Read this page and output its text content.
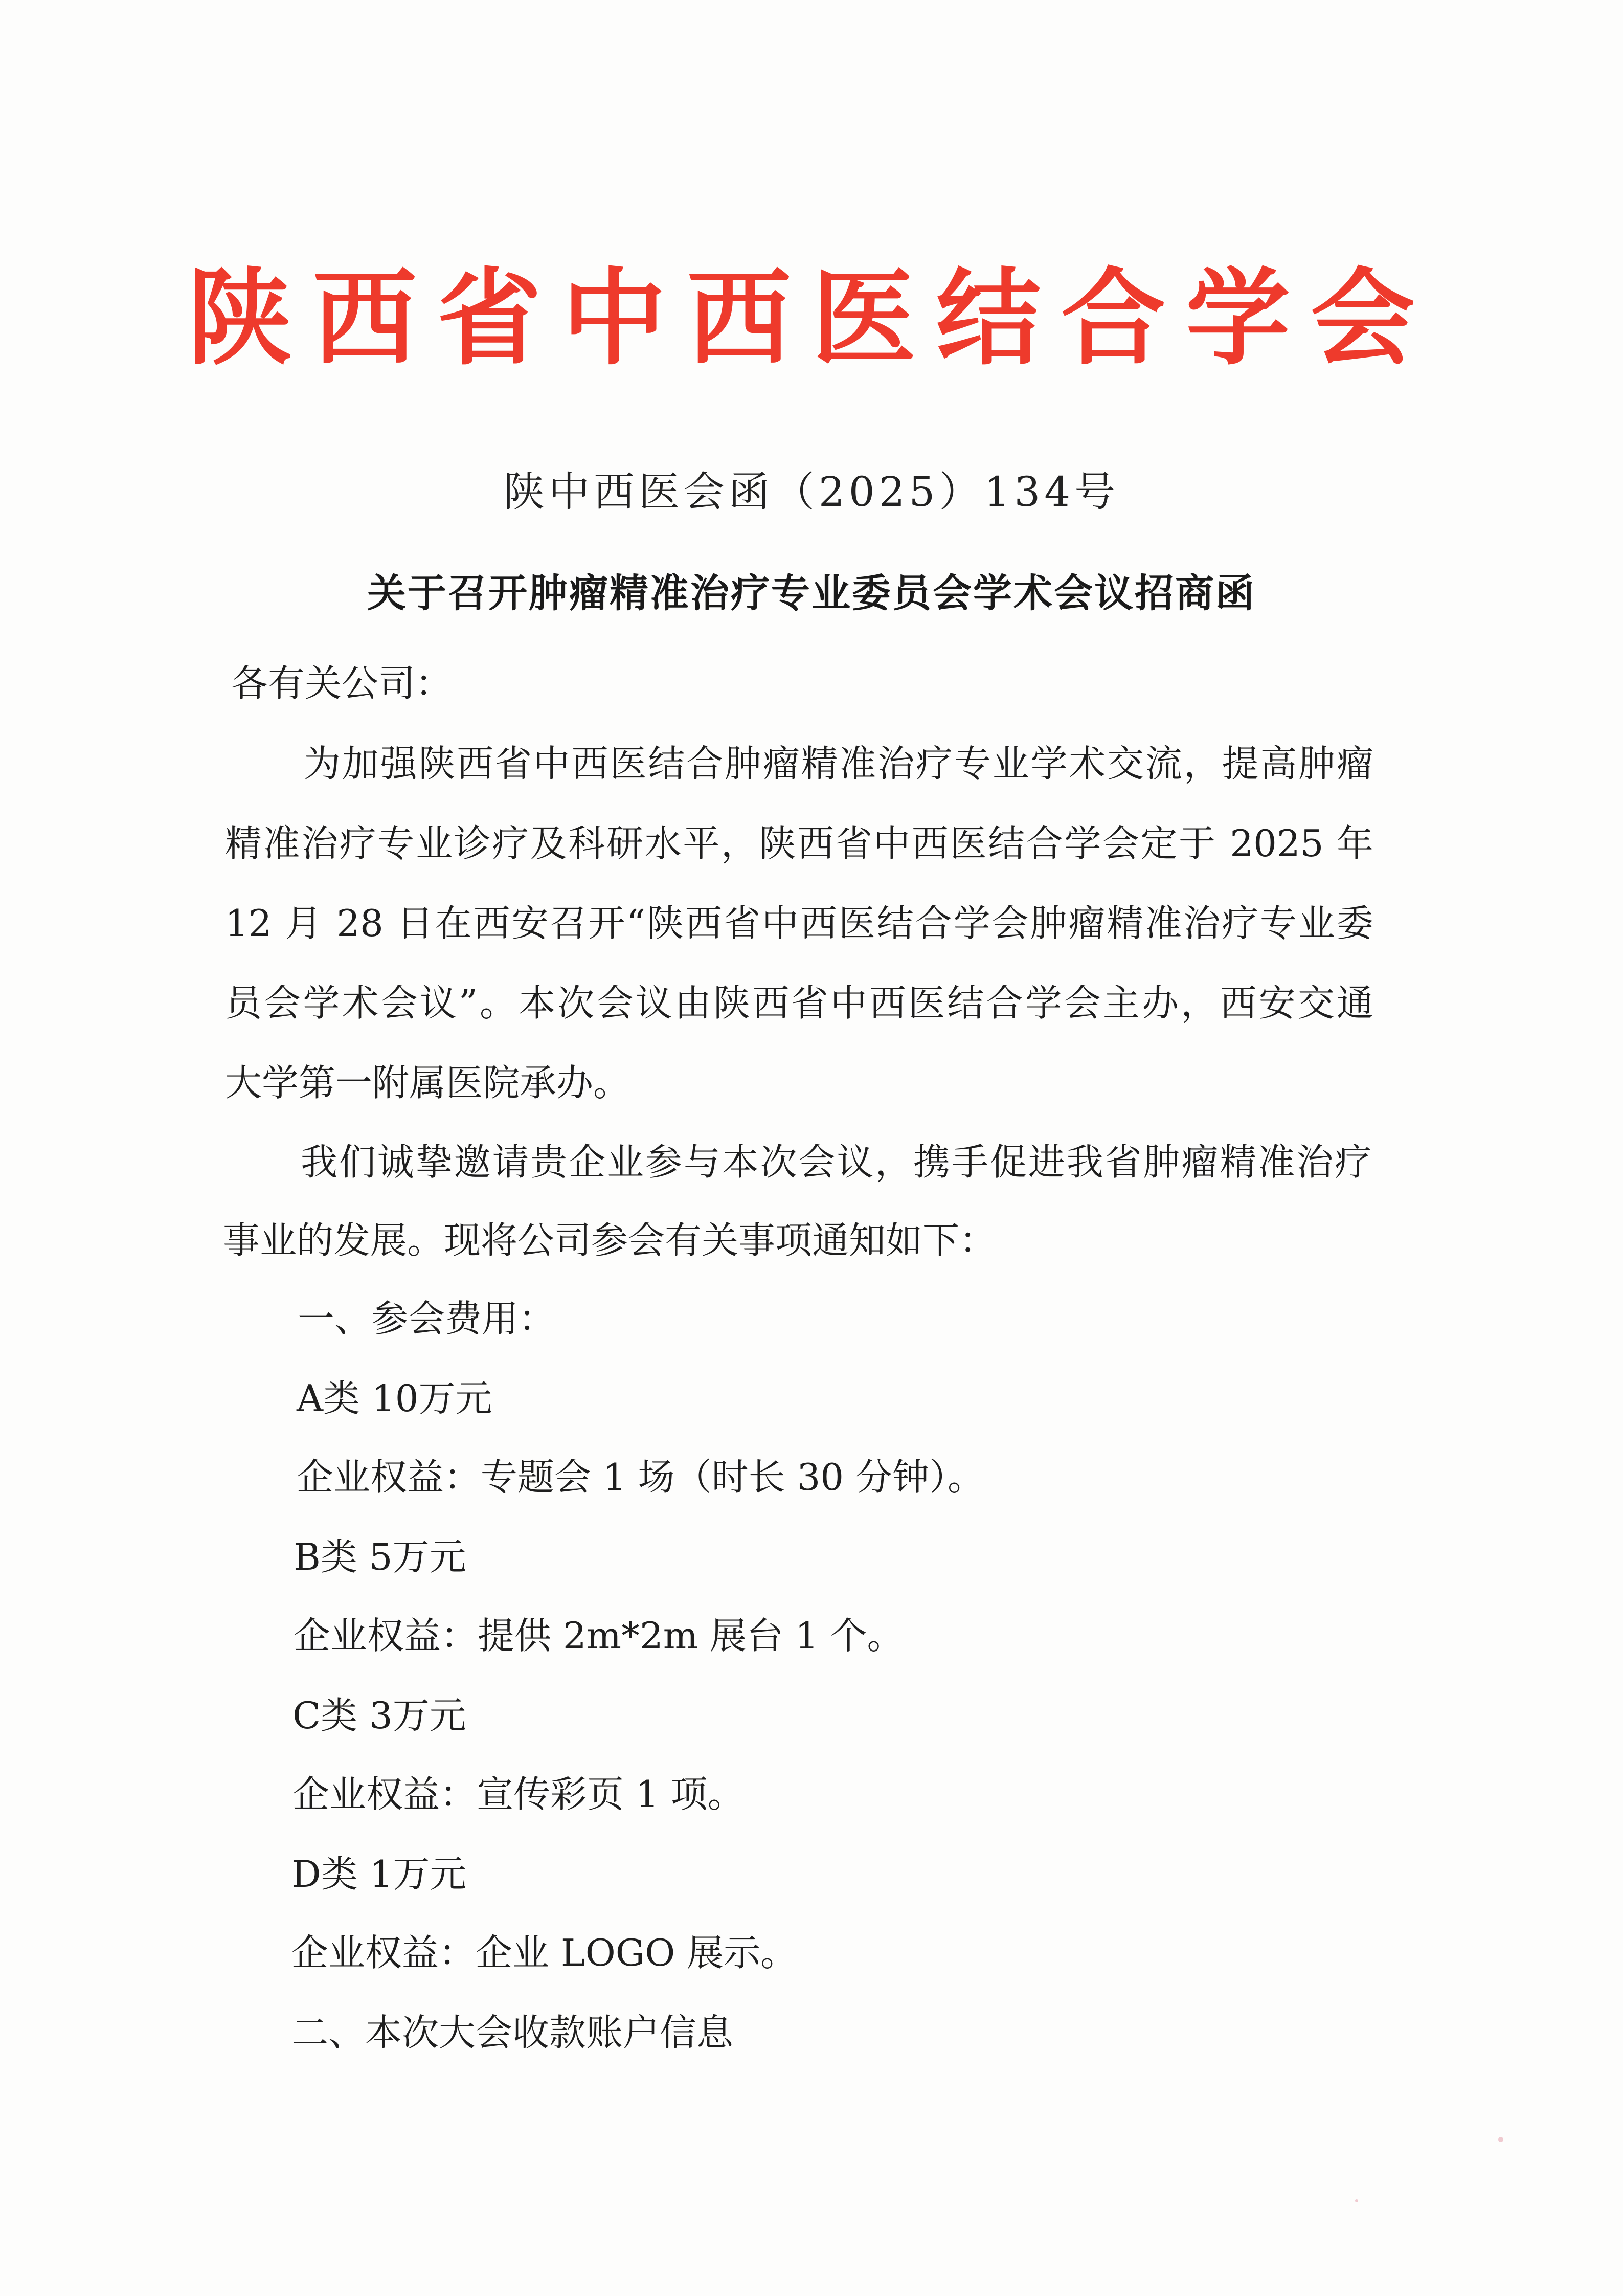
陕西省中西医结合学会
陕中西医会函（2025）134号
关于召开肿瘤精准治疗专业委员会学术会议招商函
各有关公司：
为加强陕西省中西医结合肿瘤精准治疗专业学术交流，提高肿瘤
精准治疗专业诊疗及科研水平，陕西省中西医结合学会定于 2025 年
12 月 28 日在西安召开“陕西省中西医结合学会肿瘤精准治疗专业委
员会学术会议”。本次会议由陕西省中西医结合学会主办，西安交通
大学第一附属医院承办。
我们诚挚邀请贵企业参与本次会议，携手促进我省肿瘤精准治疗
事业的发展。现将公司参会有关事项通知如下：
一、参会费用：
A类 10万元
企业权益：专题会 1 场（时长 30 分钟）。
B类 5万元
企业权益：提供 2m*2m 展台 1 个。
C类 3万元
企业权益：宣传彩页 1 项。
D类 1万元
企业权益：企业 LOGO 展示。
二、本次大会收款账户信息
